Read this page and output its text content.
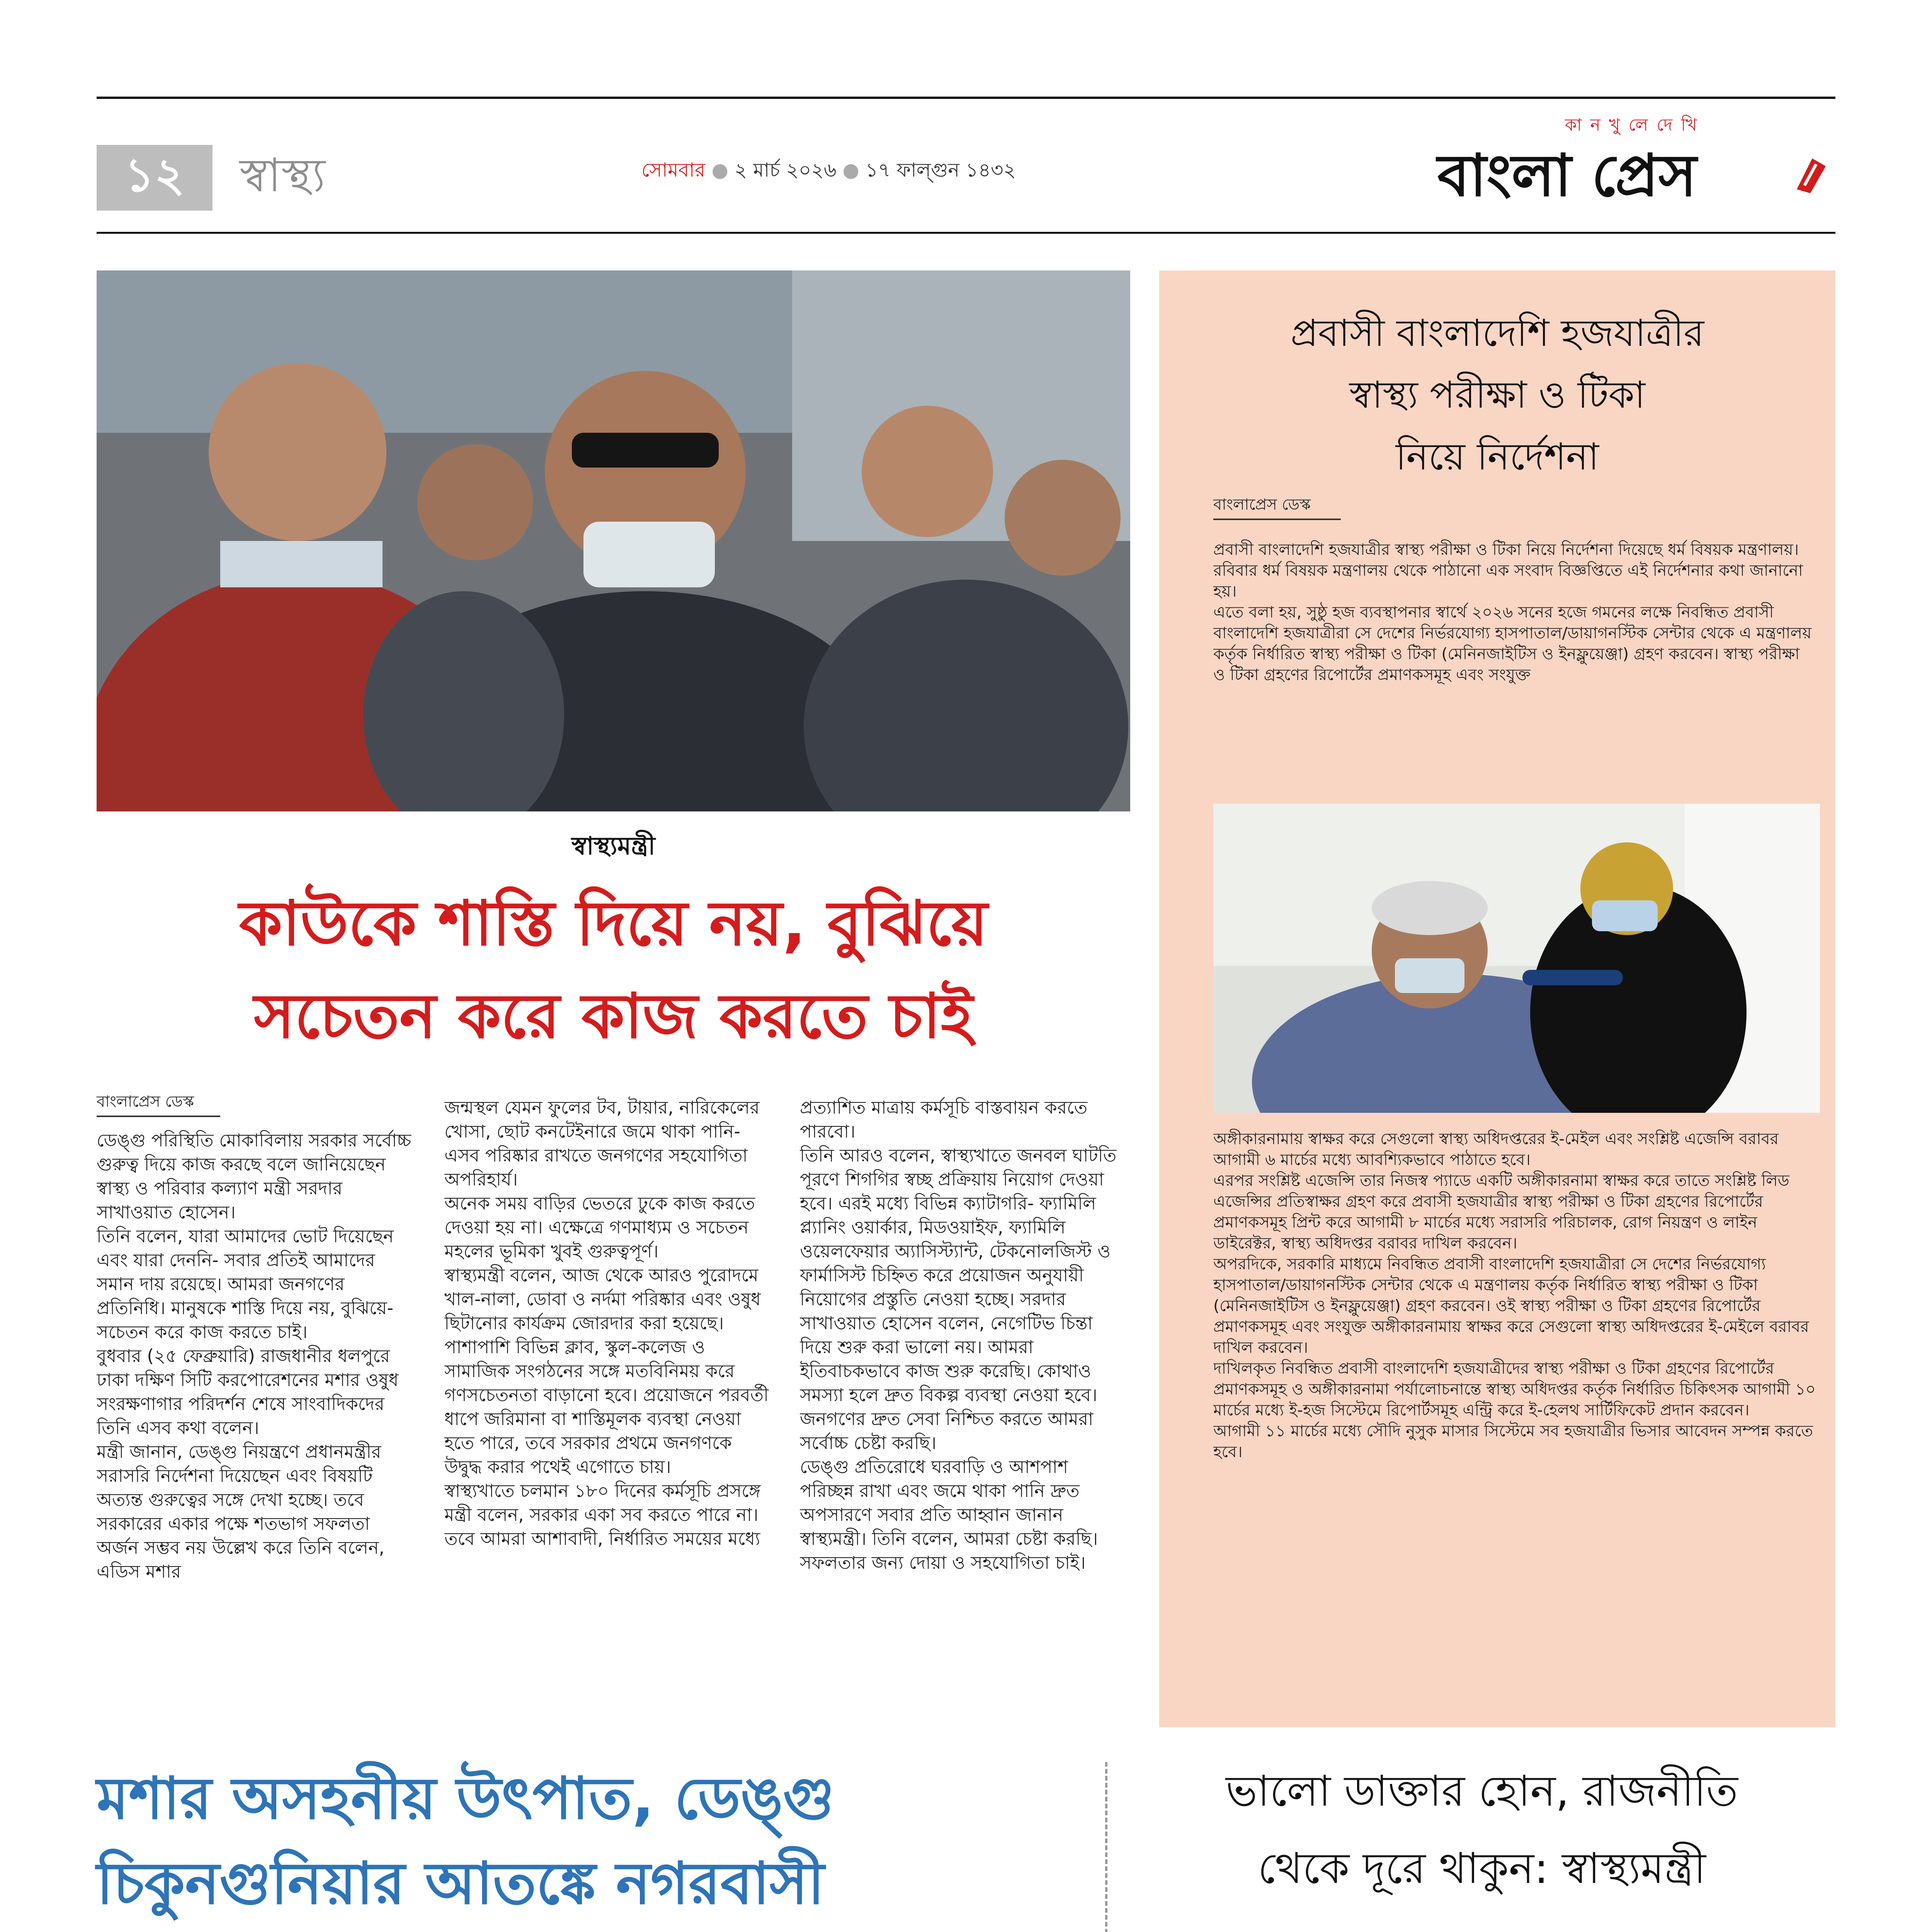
১২ স্বাস্থ্য	সোমবার ● ২ মার্চ ২০২৬ ● ১৭ ফাল্গুন ১৪৩২
কা ন খু লে দে খি
বাংলা প্রেস
স্বাস্থ্যমন্ত্রী
কাউকে শাস্তি দিয়ে নয়, বুঝিয়ে
সচেতন করে কাজ করতে চাই
বাংলাপ্রেস ডেস্ক
ডেঙ্গু পরিস্থিতি মোকাবিলায় সরকার সর্বোচ্চ গুরুত্ব দিয়ে কাজ করছে বলে জানিয়েছেন স্বাস্থ্য ও পরিবার কল্যাণ মন্ত্রী সরদার সাখাওয়াত হোসেন।
তিনি বলেন, যারা আমাদের ভোট দিয়েছেন এবং যারা দেননি- সবার প্রতিই আমাদের সমান দায় রয়েছে। আমরা জনগণের প্রতিনিধি। মানুষকে শাস্তি দিয়ে নয়, বুঝিয়ে-সচেতন করে কাজ করতে চাই।
বুধবার (২৫ ফেব্রুয়ারি) রাজধানীর ধলপুরে ঢাকা দক্ষিণ সিটি করপোরেশনের মশার ওষুধ সংরক্ষণাগার পরিদর্শন শেষে সাংবাদিকদের তিনি এসব কথা বলেন।
মন্ত্রী জানান, ডেঙ্গু নিয়ন্ত্রণে প্রধানমন্ত্রীর সরাসরি নির্দেশনা দিয়েছেন এবং বিষয়টি অত্যন্ত গুরুত্বের সঙ্গে দেখা হচ্ছে। তবে সরকারের একার পক্ষে শতভাগ সফলতা অর্জন সম্ভব নয় উল্লেখ করে তিনি বলেন, এডিস মশার
জন্মস্থল যেমন ফুলের টব, টায়ার, নারিকেলের খোসা, ছোট কনটেইনারে জমে থাকা পানি- এসব পরিষ্কার রাখতে জনগণের সহযোগিতা অপরিহার্য।
অনেক সময় বাড়ির ভেতরে ঢুকে কাজ করতে দেওয়া হয় না। এক্ষেত্রে গণমাধ্যম ও সচেতন মহলের ভূমিকা খুবই গুরুত্বপূর্ণ।
স্বাস্থ্যমন্ত্রী বলেন, আজ থেকে আরও পুরোদমে খাল-নালা, ডোবা ও নর্দমা পরিষ্কার এবং ওষুধ ছিটানোর কার্যক্রম জোরদার করা হয়েছে। পাশাপাশি বিভিন্ন ক্লাব, স্কুল-কলেজ ও সামাজিক সংগঠনের সঙ্গে মতবিনিময় করে গণসচেতনতা বাড়ানো হবে। প্রয়োজনে পরবর্তী ধাপে জরিমানা বা শাস্তিমূলক ব্যবস্থা নেওয়া হতে পারে, তবে সরকার প্রথমে জনগণকে উদ্বুদ্ধ করার পথেই এগোতে চায়।
স্বাস্থ্যখাতে চলমান ১৮০ দিনের কর্মসূচি প্রসঙ্গে মন্ত্রী বলেন, সরকার একা সব করতে পারে না। তবে আমরা আশাবাদী, নির্ধারিত সময়ের মধ্যে
প্রত্যাশিত মাত্রায় কর্মসূচি বাস্তবায়ন করতে পারবো।
তিনি আরও বলেন, স্বাস্থ্যখাতে জনবল ঘাটতি পূরণে শিগগির স্বচ্ছ প্রক্রিয়ায় নিয়োগ দেওয়া হবে। এরই মধ্যে বিভিন্ন ক্যাটাগরি- ফ্যামিলি প্ল্যানিং ওয়ার্কার, মিডওয়াইফ, ফ্যামিলি ওয়েলফেয়ার অ্যাসিস্ট্যান্ট, টেকনোলজিস্ট ও ফার্মাসিস্ট চিহ্নিত করে প্রয়োজন অনুযায়ী নিয়োগের প্রস্তুতি নেওয়া হচ্ছে। সরদার সাখাওয়াত হোসেন বলেন, নেগেটিভ চিন্তা দিয়ে শুরু করা ভালো নয়। আমরা ইতিবাচকভাবে কাজ শুরু করেছি। কোথাও সমস্যা হলে দ্রুত বিকল্প ব্যবস্থা নেওয়া হবে। জনগণের দ্রুত সেবা নিশ্চিত করতে আমরা সর্বোচ্চ চেষ্টা করছি।
ডেঙ্গু প্রতিরোধে ঘরবাড়ি ও আশপাশ পরিচ্ছন্ন রাখা এবং জমে থাকা পানি দ্রুত অপসারণে সবার প্রতি আহ্বান জানান স্বাস্থ্যমন্ত্রী। তিনি বলেন, আমরা চেষ্টা করছি। সফলতার জন্য দোয়া ও সহযোগিতা চাই।
প্রবাসী বাংলাদেশি হজযাত্রীর
স্বাস্থ্য পরীক্ষা ও টিকা
নিয়ে নির্দেশনা
বাংলাপ্রেস ডেস্ক
প্রবাসী বাংলাদেশি হজযাত্রীর স্বাস্থ্য পরীক্ষা ও টিকা নিয়ে নির্দেশনা দিয়েছে ধর্ম বিষয়ক মন্ত্রণালয়।
রবিবার ধর্ম বিষয়ক মন্ত্রণালয় থেকে পাঠানো এক সংবাদ বিজ্ঞপ্তিতে এই নির্দেশনার কথা জানানো হয়।
এতে বলা হয়, সুষ্ঠু হজ ব্যবস্থাপনার স্বার্থে ২০২৬ সনের হজে গমনের লক্ষে নিবন্ধিত প্রবাসী বাংলাদেশি হজযাত্রীরা সে দেশের নির্ভরযোগ্য হাসপাতাল/ডায়াগনস্টিক সেন্টার থেকে এ মন্ত্রণালয় কর্তৃক নির্ধারিত স্বাস্থ্য পরীক্ষা ও টিকা (মেনিনজাইটিস ও ইনফ্লুয়েঞ্জা) গ্রহণ করবেন। স্বাস্থ্য পরীক্ষা ও টিকা গ্রহণের রিপোর্টের প্রমাণকসমূহ এবং সংযুক্ত
অঙ্গীকারনামায় স্বাক্ষর করে সেগুলো স্বাস্থ্য অধিদপ্তরের ই-মেইল এবং সংশ্লিষ্ট এজেন্সি বরাবর আগামী ৬ মার্চের মধ্যে আবশ্যিকভাবে পাঠাতে হবে।
এরপর সংশ্লিষ্ট এজেন্সি তার নিজস্ব প্যাডে একটি অঙ্গীকারনামা স্বাক্ষর করে তাতে সংশ্লিষ্ট লিড এজেন্সির প্রতিস্বাক্ষর গ্রহণ করে প্রবাসী হজযাত্রীর স্বাস্থ্য পরীক্ষা ও টিকা গ্রহণের রিপোর্টের প্রমাণকসমূহ প্রিন্ট করে আগামী ৮ মার্চের মধ্যে সরাসরি পরিচালক, রোগ নিয়ন্ত্রণ ও লাইন ডাইরেক্টর, স্বাস্থ্য অধিদপ্তর বরাবর দাখিল করবেন।
অপরদিকে, সরকারি মাধ্যমে নিবন্ধিত প্রবাসী বাংলাদেশি হজযাত্রীরা সে দেশের নির্ভরযোগ্য হাসপাতাল/ডায়াগনস্টিক সেন্টার থেকে এ মন্ত্রণালয় কর্তৃক নির্ধারিত স্বাস্থ্য পরীক্ষা ও টিকা (মেনিনজাইটিস ও ইনফ্লুয়েঞ্জা) গ্রহণ করবেন। ওই স্বাস্থ্য পরীক্ষা ও টিকা গ্রহণের রিপোর্টের প্রমাণকসমূহ এবং সংযুক্ত অঙ্গীকারনামায় স্বাক্ষর করে সেগুলো স্বাস্থ্য অধিদপ্তরের ই-মেইলে বরাবর দাখিল করবেন।
দাখিলকৃত নিবন্ধিত প্রবাসী বাংলাদেশি হজযাত্রীদের স্বাস্থ্য পরীক্ষা ও টিকা গ্রহণের রিপোর্টের প্রমাণকসমূহ ও অঙ্গীকারনামা পর্যালোচনান্তে স্বাস্থ্য অধিদপ্তর কর্তৃক নির্ধারিত চিকিৎসক আগামী ১০ মার্চের মধ্যে ই-হজ সিস্টেমে রিপোর্টসমূহ এন্ট্রি করে ই-হেলথ সার্টিফিকেট প্রদান করবেন।
আগামী ১১ মার্চের মধ্যে সৌদি নুসুক মাসার সিস্টেমে সব হজযাত্রীর ভিসার আবেদন সম্পন্ন করতে হবে।
মশার অসহনীয় উৎপাত, ডেঙ্গু
চিকুনগুনিয়ার আতঙ্কে নগরবাসী
ভালো ডাক্তার হোন, রাজনীতি
থেকে দূরে থাকুন: স্বাস্থ্যমন্ত্রী
